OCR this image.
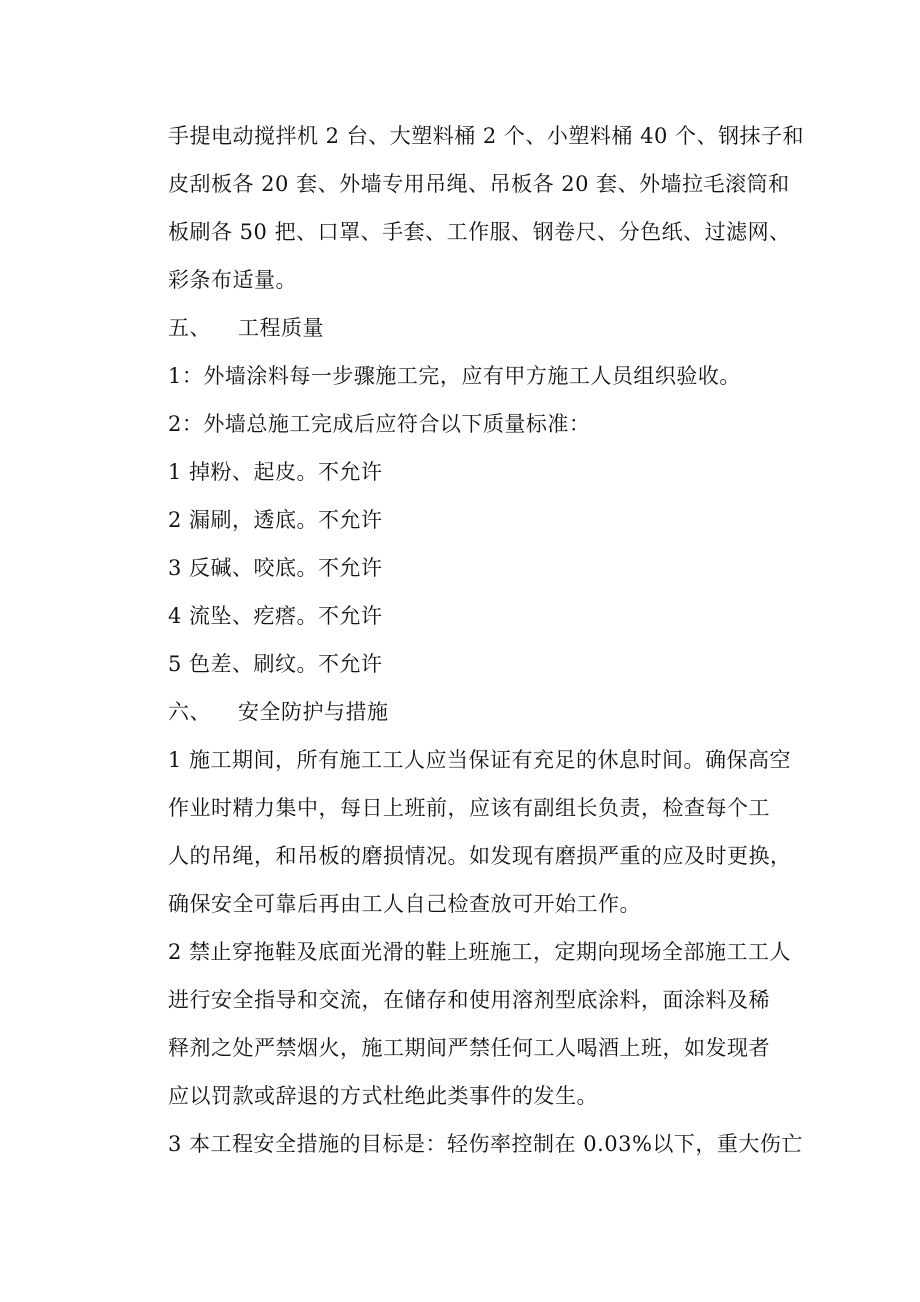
手提电动搅拌机 2 台、大塑料桶 2 个、小塑料桶 40 个、钢抹子和
皮刮板各 20 套、外墙专用吊绳、吊板各 20 套、外墙拉毛滚筒和
板刷各 50 把、口罩、手套、工作服、钢卷尺、分色纸、过滤网、
彩条布适量。
五、 工程质量
1：外墙涂料每一步骤施工完，应有甲方施工人员组织验收。
2：外墙总施工完成后应符合以下质量标准：
1 掉粉、起皮。不允许
2 漏刷，透底。不允许
3 反碱、咬底。不允许
4 流坠、疙瘩。不允许
5 色差、刷纹。不允许
六、 安全防护与措施
1 施工期间，所有施工工人应当保证有充足的休息时间。确保高空
作业时精力集中，每日上班前，应该有副组长负责，检查每个工
人的吊绳，和吊板的磨损情况。如发现有磨损严重的应及时更换，
确保安全可靠后再由工人自己检查放可开始工作。
2 禁止穿拖鞋及底面光滑的鞋上班施工，定期向现场全部施工工人
进行安全指导和交流，在储存和使用溶剂型底涂料，面涂料及稀
释剂之处严禁烟火，施工期间严禁任何工人喝酒上班，如发现者
应以罚款或辞退的方式杜绝此类事件的发生。
3 本工程安全措施的目标是：轻伤率控制在 0.03%以下，重大伤亡
